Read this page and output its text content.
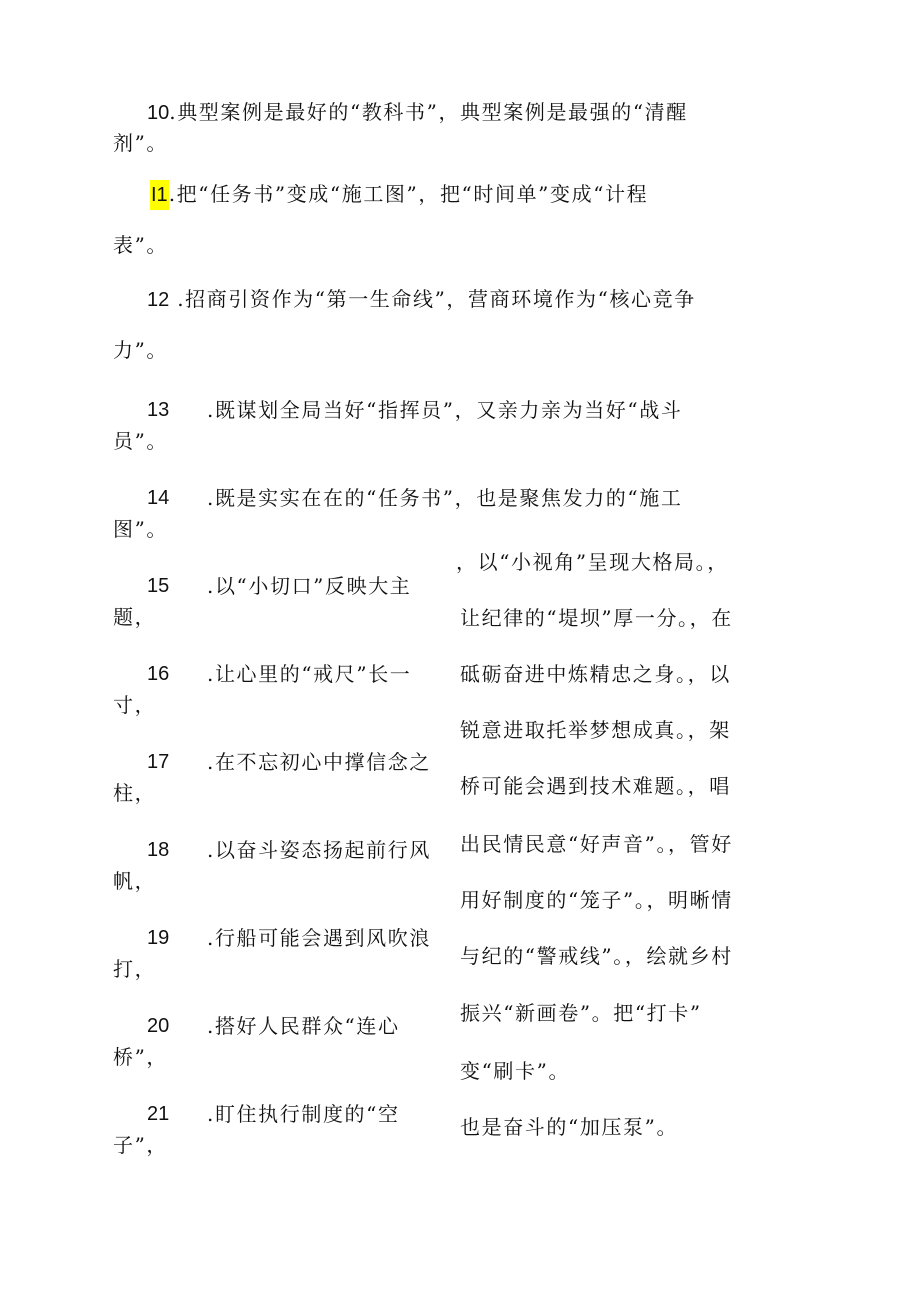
10.典型案例是最好的“教科书”，典型案例是最强的“清醒
剂”。
I1.把“任务书”变成“施工图”，把“时间单”变成“计程
表”。
12 .招商引资作为“第一生命线”，营商环境作为“核心竞争
力”。
13 .既谋划全局当好“指挥员”，又亲力亲为当好“战斗
员”。
14 .既是实实在在的“任务书”，也是聚焦发力的“施工
图”。
15 .以“小切口”反映大主
题，
16 .让心里的“戒尺”长一
寸，
17 .在不忘初心中撑信念之
柱，
18 .以奋斗姿态扬起前行风
帆，
19 .行船可能会遇到风吹浪
打，
20 .搭好人民群众“连心
桥”，
21 .盯住执行制度的“空
子”，
，以“小视角”呈现大格局。，
让纪律的“堤坝”厚一分。，在
砥砺奋进中炼精忠之身。，以
锐意进取托举梦想成真。，架
桥可能会遇到技术难题。，唱
出民情民意“好声音”。，管好
用好制度的“笼子”。，明晰情
与纪的“警戒线”。，绘就乡村
振兴“新画卷”。把“打卡”
变“刷卡”。
也是奋斗的“加压泵”。
